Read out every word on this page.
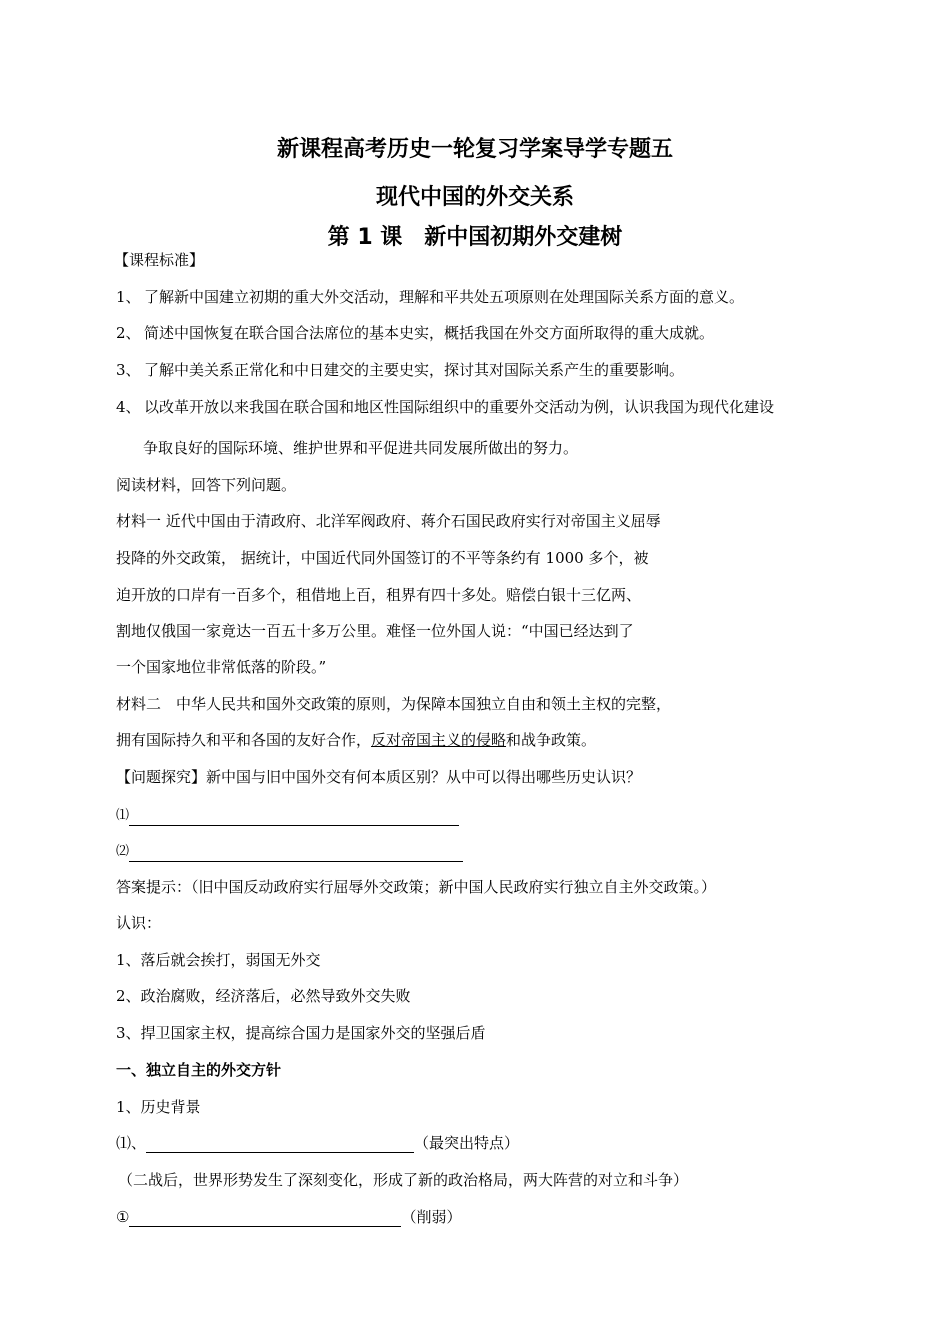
新课程高考历史一轮复习学案导学专题五
现代中国的外交关系
第 1 课　新中国初期外交建树
【课程标准】
1、 了解新中国建立初期的重大外交活动，理解和平共处五项原则在处理国际关系方面的意义。
2、 简述中国恢复在联合国合法席位的基本史实，概括我国在外交方面所取得的重大成就。
3、 了解中美关系正常化和中日建交的主要史实，探讨其对国际关系产生的重要影响。
4、 以改革开放以来我国在联合国和地区性国际组织中的重要外交活动为例，认识我国为现代化建设
争取良好的国际环境、维护世界和平促进共同发展所做出的努力。
阅读材料，回答下列问题。
材料一 近代中国由于清政府、北洋军阀政府、蒋介石国民政府实行对帝国主义屈辱
投降的外交政策， 据统计，中国近代同外国签订的不平等条约有 1000 多个，被
迫开放的口岸有一百多个，租借地上百，租界有四十多处。赔偿白银十三亿两、
割地仅俄国一家竟达一百五十多万公里。难怪一位外国人说：“中国已经达到了
一个国家地位非常低落的阶段。”
材料二　中华人民共和国外交政策的原则，为保障本国独立自由和领土主权的完整，
拥有国际持久和平和各国的友好合作，反对帝国主义的侵略和战争政策。
【问题探究】新中国与旧中国外交有何本质区别？从中可以得出哪些历史认识？
⑴
⑵
答案提示：（旧中国反动政府实行屈辱外交政策；新中国人民政府实行独立自主外交政策。）
认识：
1、落后就会挨打，弱国无外交
2、政治腐败，经济落后，必然导致外交失败
3、捍卫国家主权，提高综合国力是国家外交的坚强后盾
一、独立自主的外交方针
1、历史背景
⑴、	（最突出特点）
（二战后，世界形势发生了深刻变化，形成了新的政治格局，两大阵营的对立和斗争）
①	（削弱）
